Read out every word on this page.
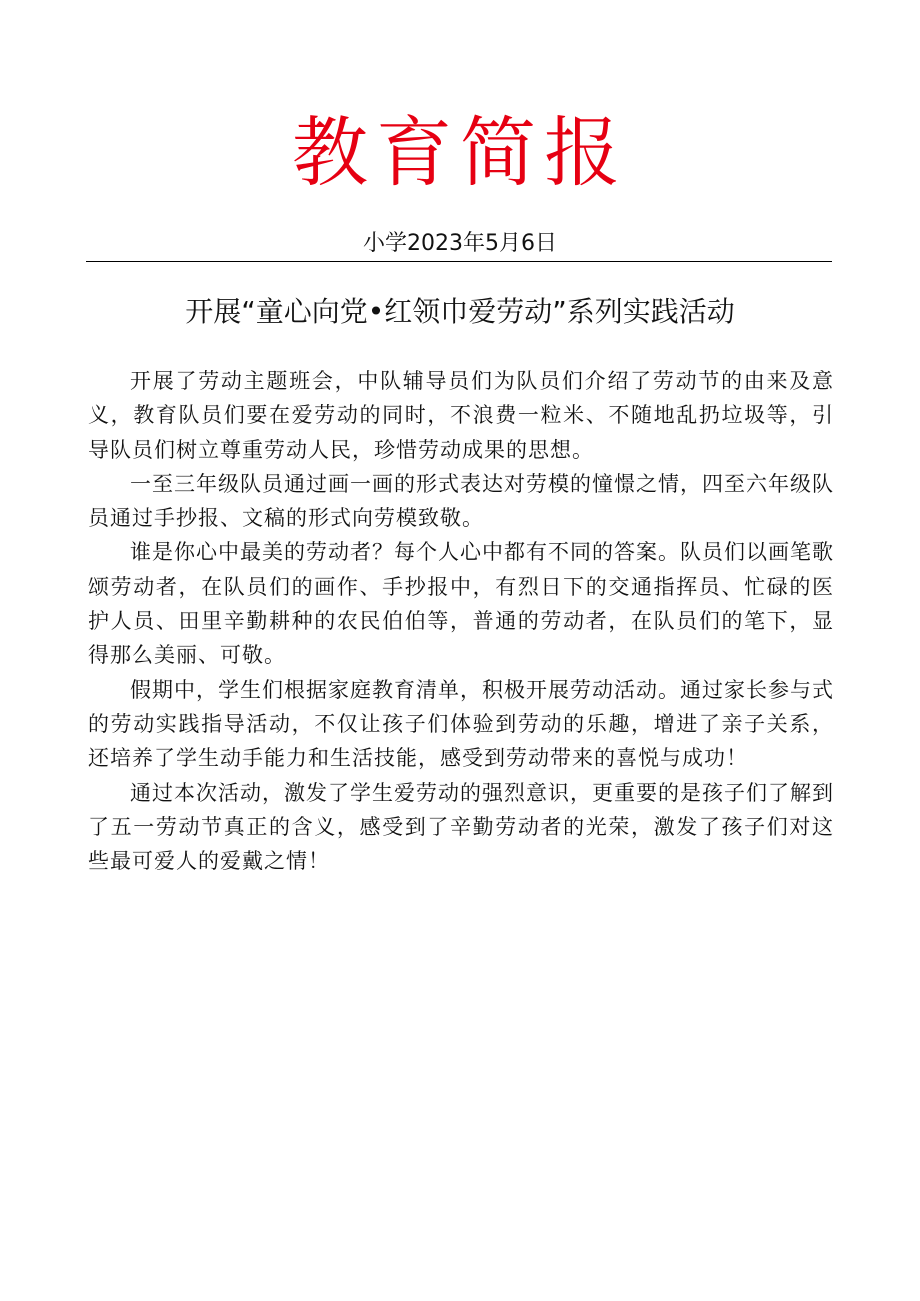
教育简报
小学2023年5月6日
开展“童心向党•红领巾爱劳动”系列实践活动

开展了劳动主题班会，中队辅导员们为队员们介绍了劳动节的由来及意义，教育队员们要在爱劳动的同时，不浪费一粒米、不随地乱扔垃圾等，引导队员们树立尊重劳动人民，珍惜劳动成果的思想。

一至三年级队员通过画一画的形式表达对劳模的憧憬之情，四至六年级队员通过手抄报、文稿的形式向劳模致敬。

谁是你心中最美的劳动者？每个人心中都有不同的答案。队员们以画笔歌颂劳动者，在队员们的画作、手抄报中，有烈日下的交通指挥员、忙碌的医护人员、田里辛勤耕种的农民伯伯等，普通的劳动者，在队员们的笔下，显得那么美丽、可敬。

假期中，学生们根据家庭教育清单，积极开展劳动活动。通过家长参与式的劳动实践指导活动，不仅让孩子们体验到劳动的乐趣，增进了亲子关系，还培养了学生动手能力和生活技能，感受到劳动带来的喜悦与成功！

通过本次活动，激发了学生爱劳动的强烈意识，更重要的是孩子们了解到了五一劳动节真正的含义，感受到了辛勤劳动者的光荣，激发了孩子们对这些最可爱人的爱戴之情！
